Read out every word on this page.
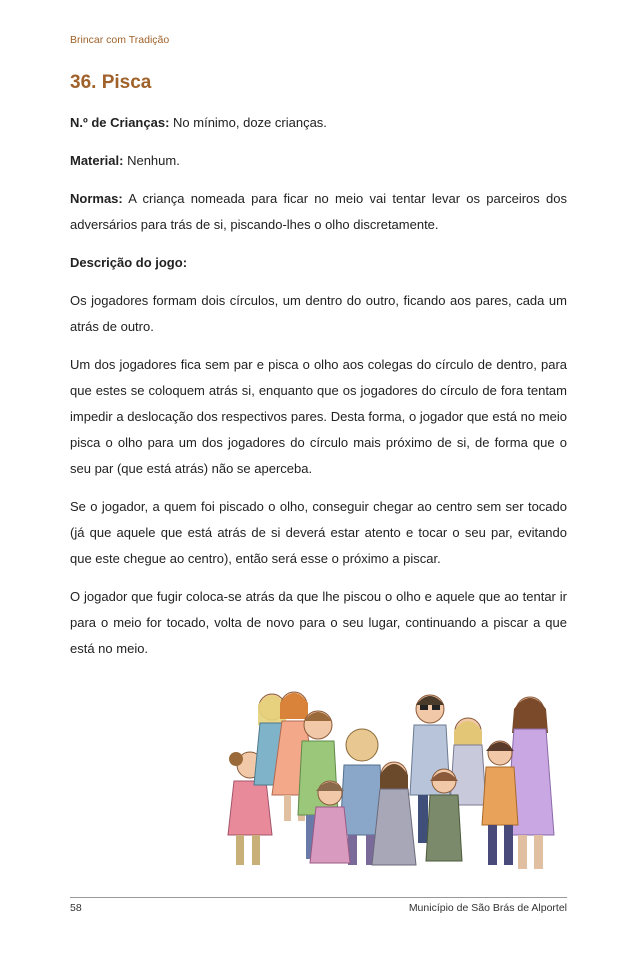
Brincar com Tradição
36. Pisca

N.º de Crianças: No mínimo, doze crianças.

Material: Nenhum.

Normas: A criança nomeada para ficar no meio vai tentar levar os parceiros dos adversários para trás de si, piscando-lhes o olho discretamente.

Descrição do jogo:

Os jogadores formam dois círculos, um dentro do outro, ficando aos pares, cada um atrás de outro.

Um dos jogadores fica sem par e pisca o olho aos colegas do círculo de dentro, para que estes se coloquem atrás si, enquanto que os jogadores do círculo de fora tentam impedir a deslocação dos respectivos pares. Desta forma, o jogador que está no meio pisca o olho para um dos jogadores do círculo mais próximo de si, de forma que o seu par (que está atrás) não se aperceba.

Se o jogador, a quem foi piscado o olho, conseguir chegar ao centro sem ser tocado (já que aquele que está atrás de si deverá estar atento e tocar o seu par, evitando que este chegue ao centro), então será esse o próximo a piscar.

O jogador que fugir coloca-se atrás da que lhe piscou o olho e aquele que ao tentar ir para o meio for tocado, volta de novo para o seu lugar, continuando a piscar a que está no meio.

58	Município de São Brás de Alportel
